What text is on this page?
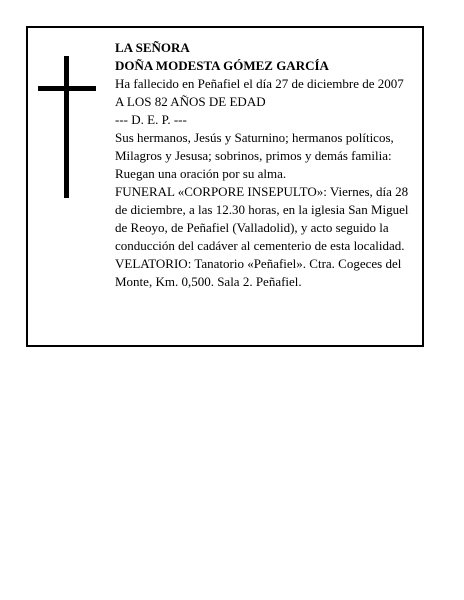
LA SEÑORA

DOÑA MODESTA GÓMEZ GARCÍA

Ha fallecido en Peñafiel el día 27 de diciembre de 2007

A LOS 82 AÑOS DE EDAD

--- D. E. P. ---

Sus hermanos, Jesús y Saturnino; hermanos políticos, Milagros y Jesusa; sobrinos, primos y demás familia:

Ruegan una oración por su alma.

FUNERAL «CORPORE INSEPULTO»: Viernes, día 28 de diciembre, a las 12.30 horas, en la iglesia San Miguel de Reoyo, de Peñafiel (Valladolid), y acto seguido la conducción del cadáver al cementerio de esta localidad.

VELATORIO: Tanatorio «Peñafiel». Ctra. Cogeces del Monte, Km. 0,500. Sala 2. Peñafiel.
